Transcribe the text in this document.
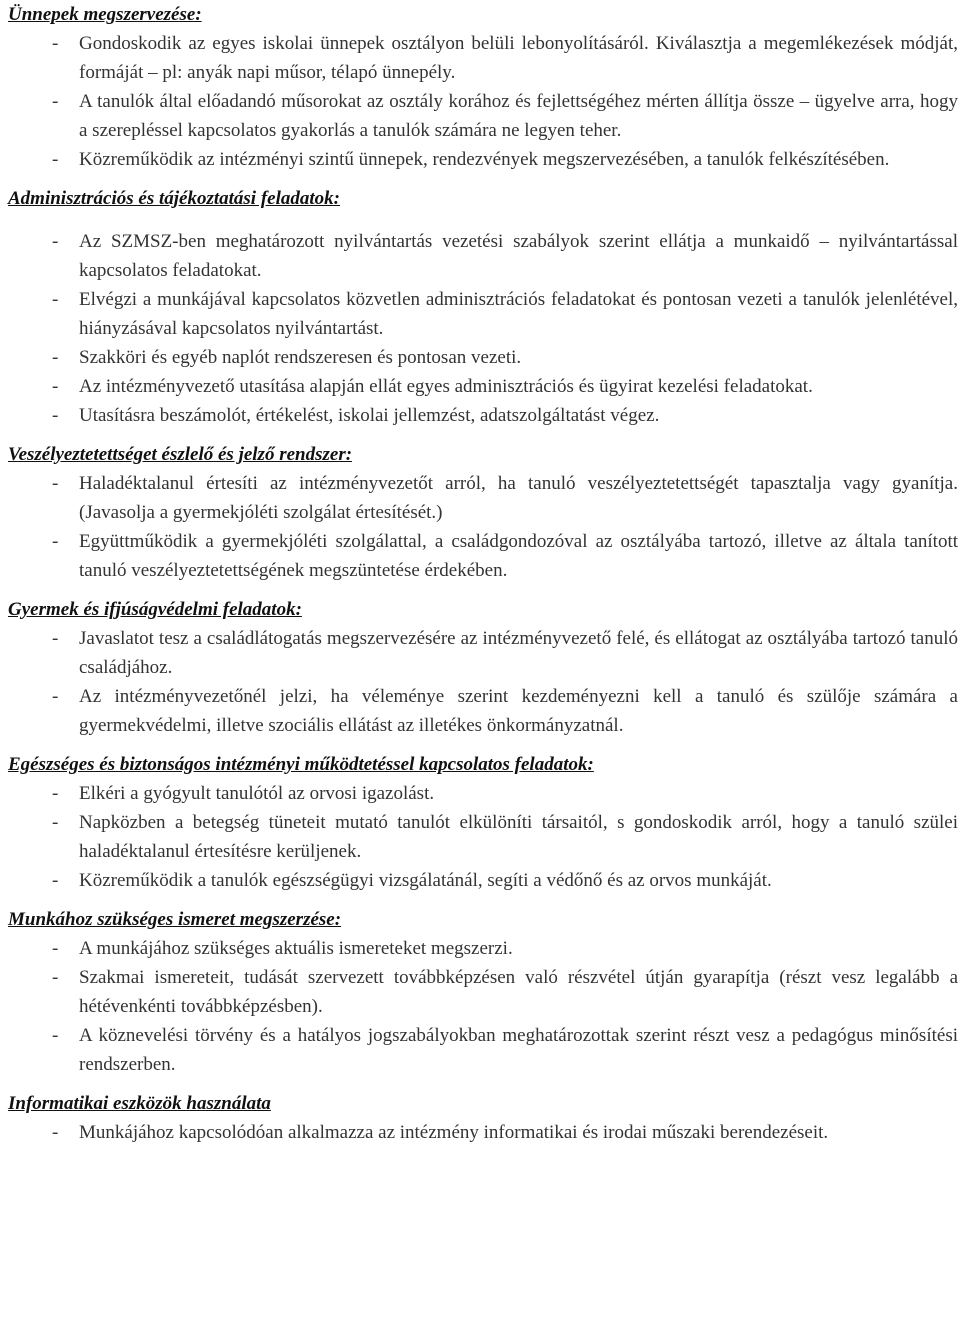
Ünnepek megszervezése:
- Gondoskodik az egyes iskolai ünnepek osztályon belüli lebonyolításáról. Kiválasztja a megemlékezések módját, formáját – pl: anyák napi műsor, télapó ünnepély.
- A tanulók által előadandó műsorokat az osztály korához és fejlettségéhez mérten állítja össze – ügyelve arra, hogy a szerepléssel kapcsolatos gyakorlás a tanulók számára ne legyen teher.
- Közreműködik az intézményi szintű ünnepek, rendezvények megszervezésében, a tanulók felkészítésében.
Adminisztrációs és tájékoztatási feladatok:
- Az SZMSZ-ben meghatározott nyilvántartás vezetési szabályok szerint ellátja a munkaidő – nyilvántartással kapcsolatos feladatokat.
- Elvégzi a munkájával kapcsolatos közvetlen adminisztrációs feladatokat és pontosan vezeti a tanulók jelenlétével, hiányzásával kapcsolatos nyilvántartást.
- Szakköri és egyéb naplót rendszeresen és pontosan vezeti.
- Az intézményvezető utasítása alapján ellát egyes adminisztrációs és ügyirat kezelési feladatokat.
- Utasításra beszámolót, értékelést, iskolai jellemzést, adatszolgáltatást végez.
Veszélyeztetettséget észlelő és jelző rendszer:
- Haladéktalanul értesíti az intézményvezetőt arról, ha tanuló veszélyeztetettségét tapasztalja vagy gyanítja. (Javasolja a gyermekjóléti szolgálat értesítését.)
- Együttműködik a gyermekjóléti szolgálattal, a családgondozóval az osztályába tartozó, illetve az általa tanított tanuló veszélyeztetettségének megszüntetése érdekében.
Gyermek és ifjúságvédelmi feladatok:
- Javaslatot tesz a családlátogatás megszervezésére az intézményvezető felé, és ellátogat az osztályába tartozó tanuló családjához.
- Az intézményvezetőnél jelzi, ha véleménye szerint kezdeményezni kell a tanuló és szülője számára a gyermekvédelmi, illetve szociális ellátást az illetékes önkormányzatnál.
Egészséges és biztonságos intézményi működtetéssel kapcsolatos feladatok:
- Elkéri a gyógyult tanulótól az orvosi igazolást.
- Napközben a betegség tüneteit mutató tanulót elkülöníti társaitól, s gondoskodik arról, hogy a tanuló szülei haladéktalanul értesítésre kerüljenek.
- Közreműködik a tanulók egészségügyi vizsgálatánál, segíti a védőnő és az orvos munkáját.
Munkához szükséges ismeret megszerzése:
- A munkájához szükséges aktuális ismereteket megszerzi.
- Szakmai ismereteit, tudását szervezett továbbképzésen való részvétel útján gyarapítja (részt vesz legalább a hétévenkénti továbbképzésben).
- A köznevelési törvény és a hatályos jogszabályokban meghatározottak szerint részt vesz a pedagógus minősítési rendszerben.
Informatikai eszközök használata
- Munkájához kapcsolódóan alkalmazza az intézmény informatikai és irodai műszaki berendezéseit.
